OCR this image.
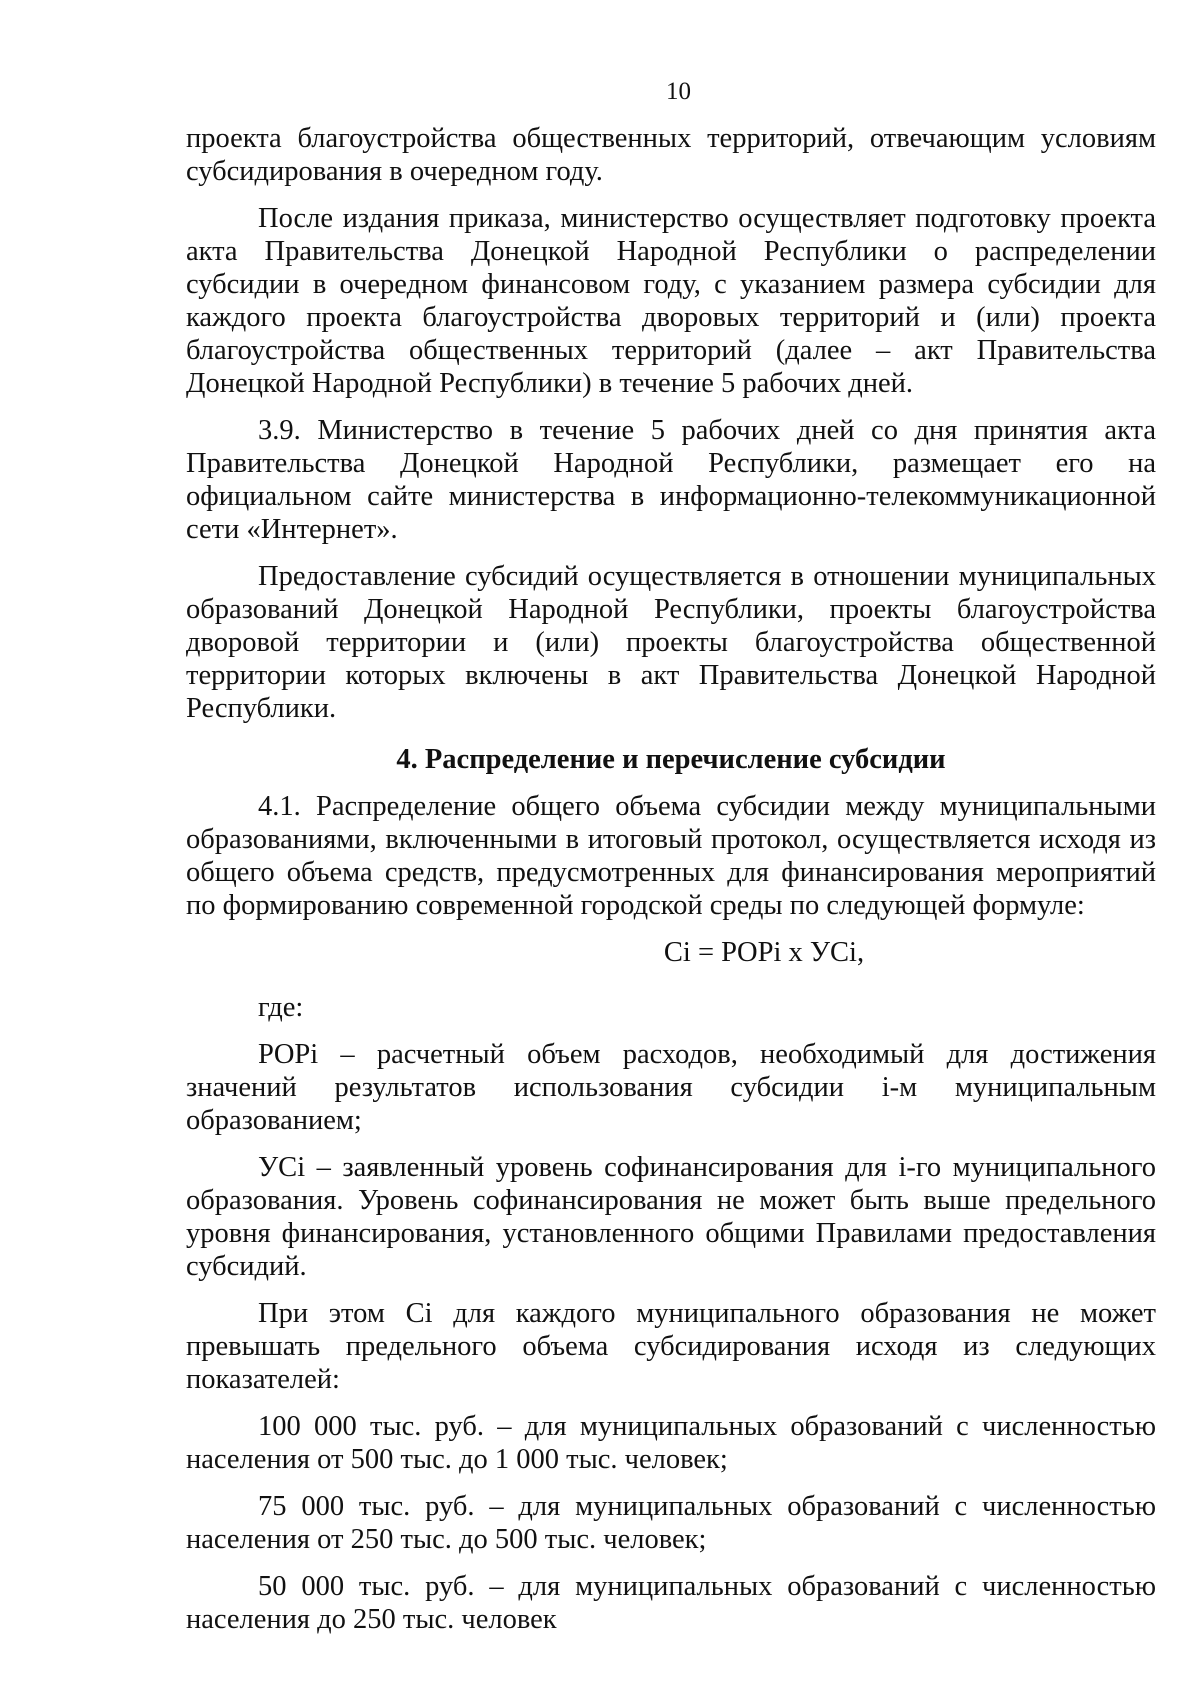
10

проекта благоустройства общественных территорий, отвечающим условиям субсидирования в очередном году.

После издания приказа, министерство осуществляет подготовку проекта акта Правительства Донецкой Народной Республики о распределении субсидии в очередном финансовом году, с указанием размера субсидии для каждого проекта благоустройства дворовых территорий и (или) проекта благоустройства общественных территорий (далее – акт Правительства Донецкой Народной Республики) в течение 5 рабочих дней.

3.9. Министерство в течение 5 рабочих дней со дня принятия акта Правительства Донецкой Народной Республики, размещает его на официальном сайте министерства в информационно-телекоммуникационной сети «Интернет».

Предоставление субсидий осуществляется в отношении муниципальных образований Донецкой Народной Республики, проекты благоустройства дворовой территории и (или) проекты благоустройства общественной территории которых включены в акт Правительства Донецкой Народной Республики.

4. Распределение и перечисление субсидии

4.1. Распределение общего объема субсидии между муниципальными образованиями, включенными в итоговый протокол, осуществляется исходя из общего объема средств, предусмотренных для финансирования мероприятий по формированию современной городской среды по следующей формуле:

Ci = POPi x УCi,

где:

POPi – расчетный объем расходов, необходимый для достижения значений результатов использования субсидии i-м муниципальным образованием;

УCi – заявленный уровень софинансирования для i-го муниципального образования. Уровень софинансирования не может быть выше предельного уровня финансирования, установленного общими Правилами предоставления субсидий.

При этом Ci для каждого муниципального образования не может превышать предельного объема субсидирования исходя из следующих показателей:

100 000 тыс. руб. – для муниципальных образований с численностью населения от 500 тыс. до 1 000 тыс. человек;

75 000 тыс. руб. – для муниципальных образований с численностью населения от 250 тыс. до 500 тыс. человек;

50 000 тыс. руб. – для муниципальных образований с численностью населения до 250 тыс. человек
